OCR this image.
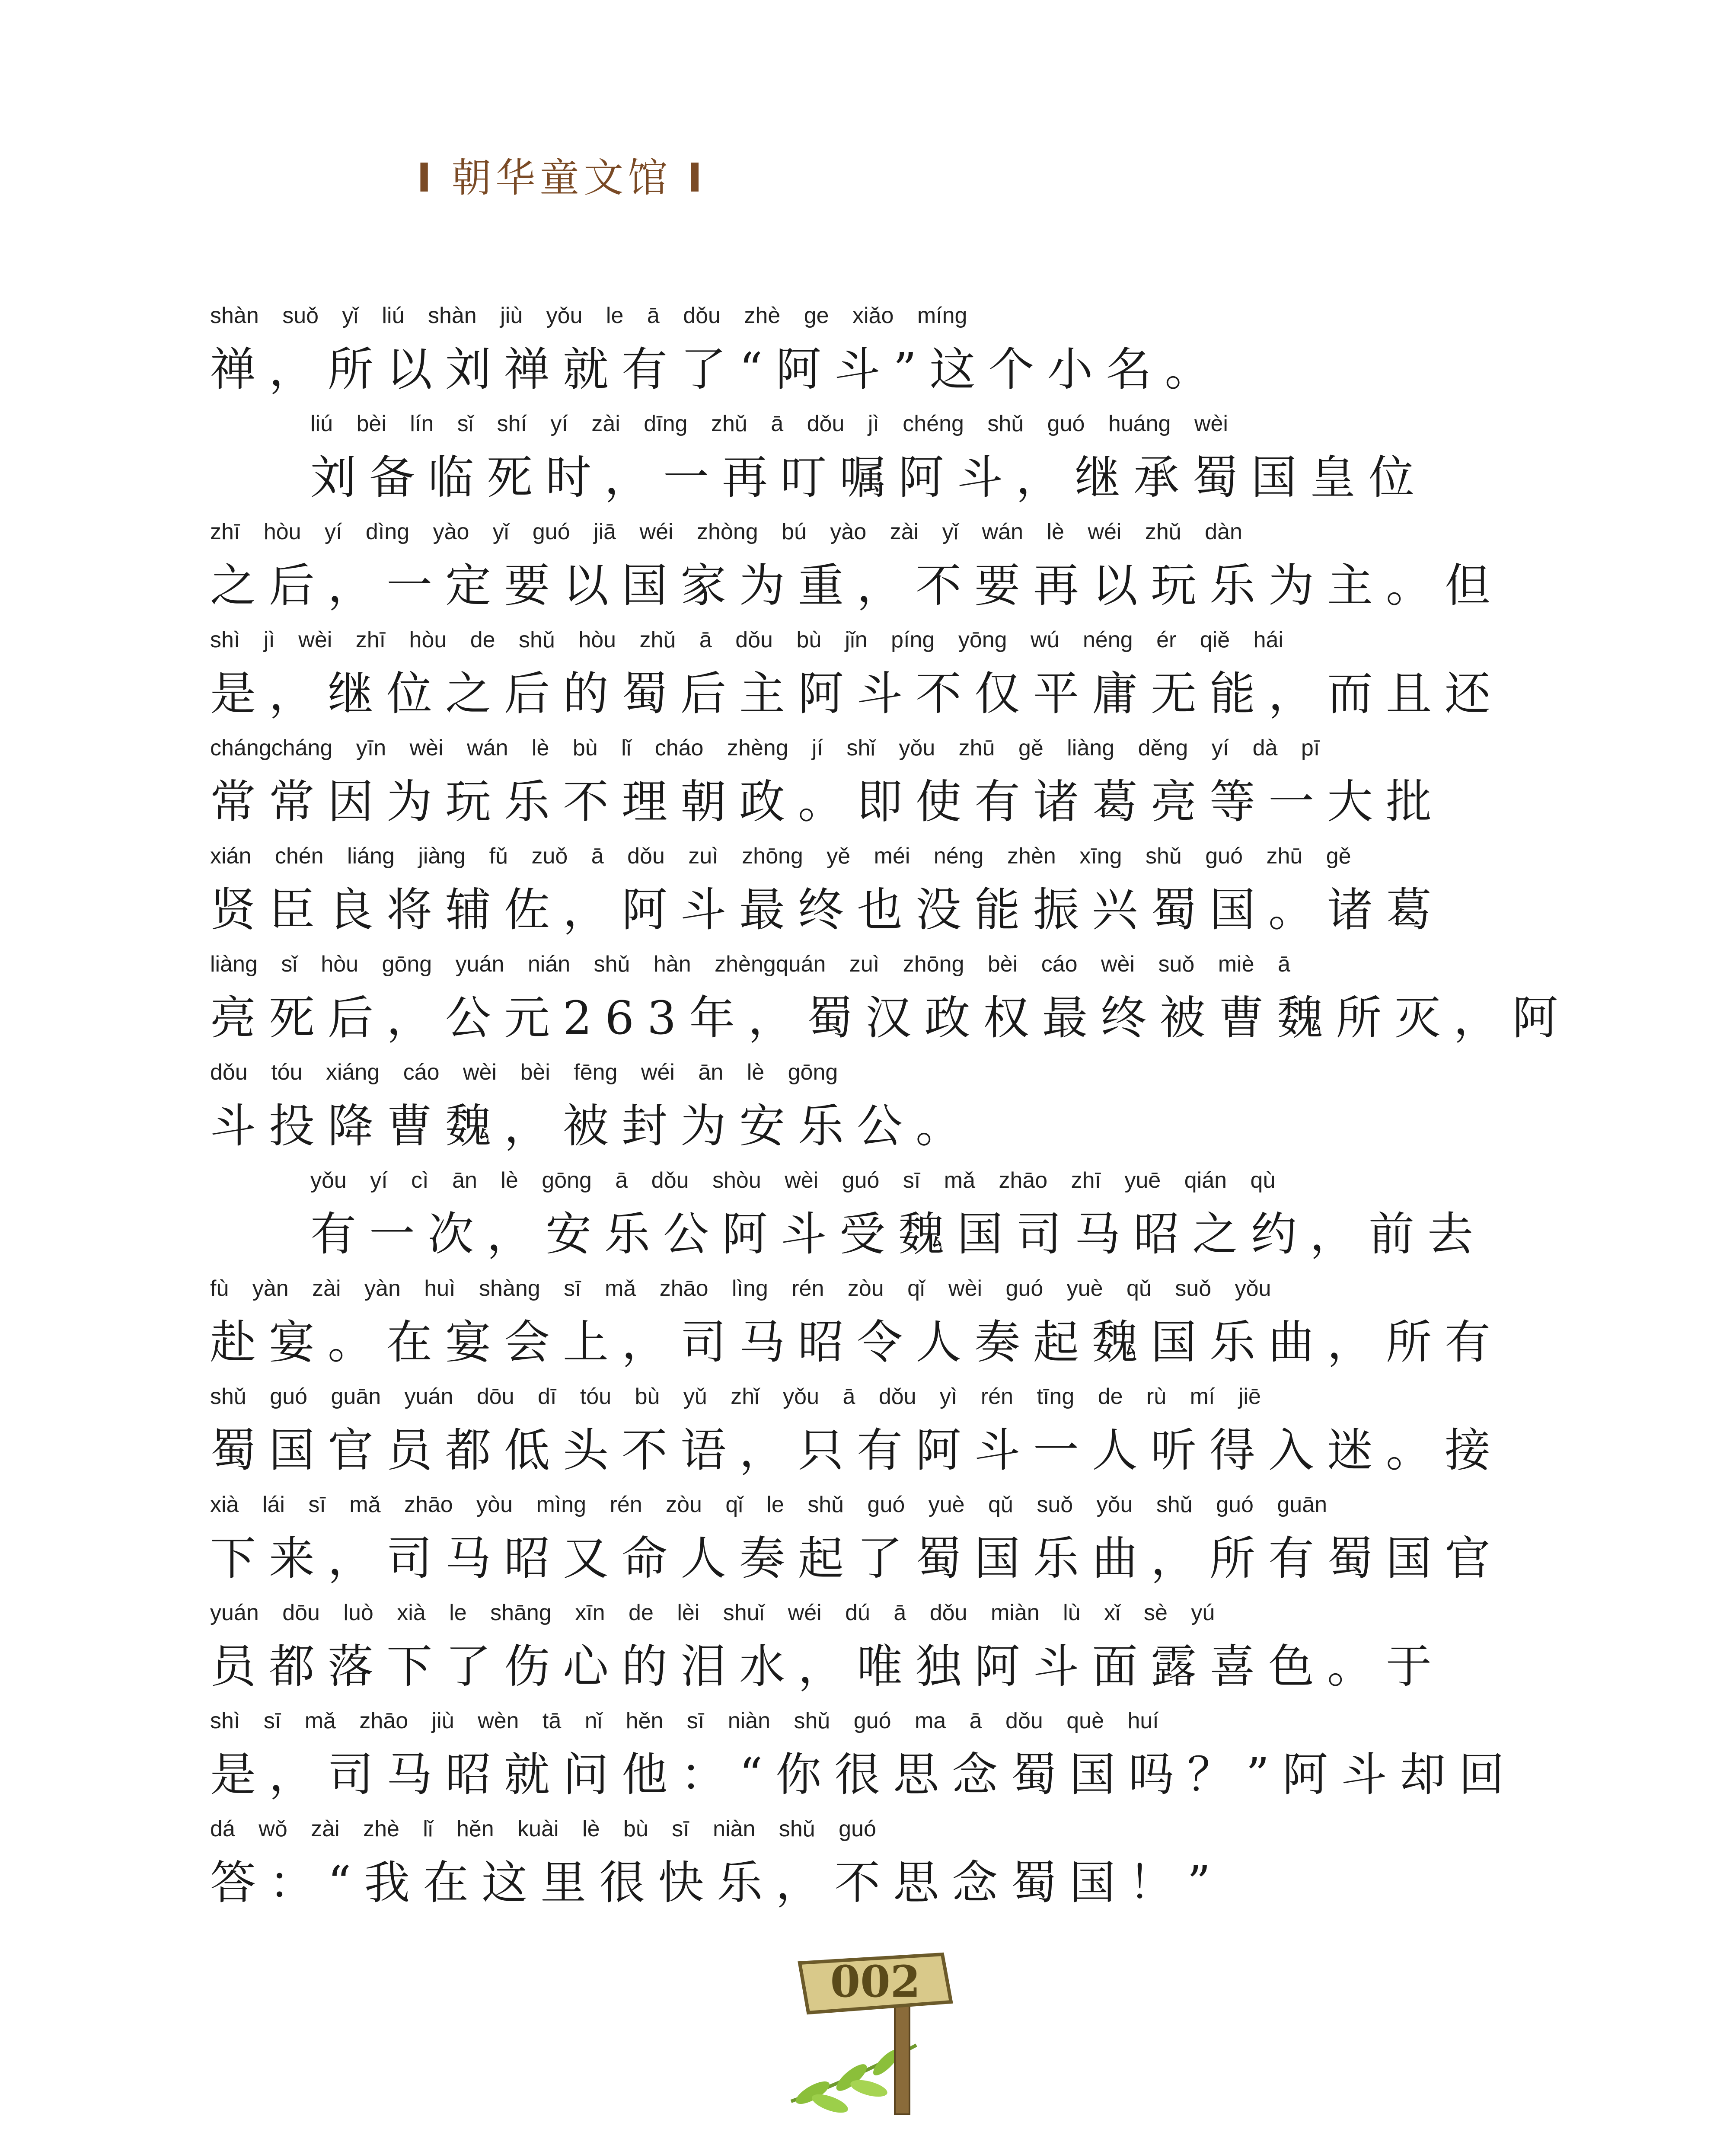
I 朝华童文馆 I
shàn suǒ yǐ liú shàn jiù yǒu le ā dǒu zhè ge xiǎo míng
禅，所以刘禅就有了“阿斗”这个小名。
liú bèi lín sǐ shí yí zài dīng zhǔ ā dǒu jì chéng shǔ guó huáng wèi
刘备临死时，一再叮嘱阿斗，继承蜀国皇位
zhī hòu yí dìng yào yǐ guó jiā wéi zhòng bú yào zài yǐ wán lè wéi zhǔ dàn
之后，一定要以国家为重，不要再以玩乐为主。但
shì jì wèi zhī hòu de shǔ hòu zhǔ ā dǒu bù jǐn píng yōng wú néng ér qiě hái
是，继位之后的蜀后主阿斗不仅平庸无能，而且还
chángcháng yīn wèi wán lè bù lǐ cháo zhèng jí shǐ yǒu zhū gě liàng děng yí dà pī
常常因为玩乐不理朝政。即使有诸葛亮等一大批
xián chén liáng jiàng fǔ zuǒ ā dǒu zuì zhōng yě méi néng zhèn xīng shǔ guó zhū gě
贤臣良将辅佐，阿斗最终也没能振兴蜀国。诸葛
liàng sǐ hòu gōng yuán nián shǔ hàn zhèngquán zuì zhōng bèi cáo wèi suǒ miè ā
亮死后，公元263年，蜀汉政权最终被曹魏所灭，阿
dǒu tóu xiáng cáo wèi bèi fēng wéi ān lè gōng
斗投降曹魏，被封为安乐公。
yǒu yí cì ān lè gōng ā dǒu shòu wèi guó sī mǎ zhāo zhī yuē qián qù
有一次，安乐公阿斗受魏国司马昭之约，前去
fù yàn zài yàn huì shàng sī mǎ zhāo lìng rén zòu qǐ wèi guó yuè qǔ suǒ yǒu
赴宴。在宴会上，司马昭令人奏起魏国乐曲，所有
shǔ guó guān yuán dōu dī tóu bù yǔ zhǐ yǒu ā dǒu yì rén tīng de rù mí jiē
蜀国官员都低头不语，只有阿斗一人听得入迷。接
xià lái sī mǎ zhāo yòu mìng rén zòu qǐ le shǔ guó yuè qǔ suǒ yǒu shǔ guó guān
下来，司马昭又命人奏起了蜀国乐曲，所有蜀国官
yuán dōu luò xià le shāng xīn de lèi shuǐ wéi dú ā dǒu miàn lù xǐ sè yú
员都落下了伤心的泪水，唯独阿斗面露喜色。于
shì sī mǎ zhāo jiù wèn tā nǐ hěn sī niàn shǔ guó ma ā dǒu què huí
是，司马昭就问他：“你很思念蜀国吗？”阿斗却回
dá wǒ zài zhè lǐ hěn kuài lè bù sī niàn shǔ guó
答：“我在这里很快乐，不思念蜀国！”
002
